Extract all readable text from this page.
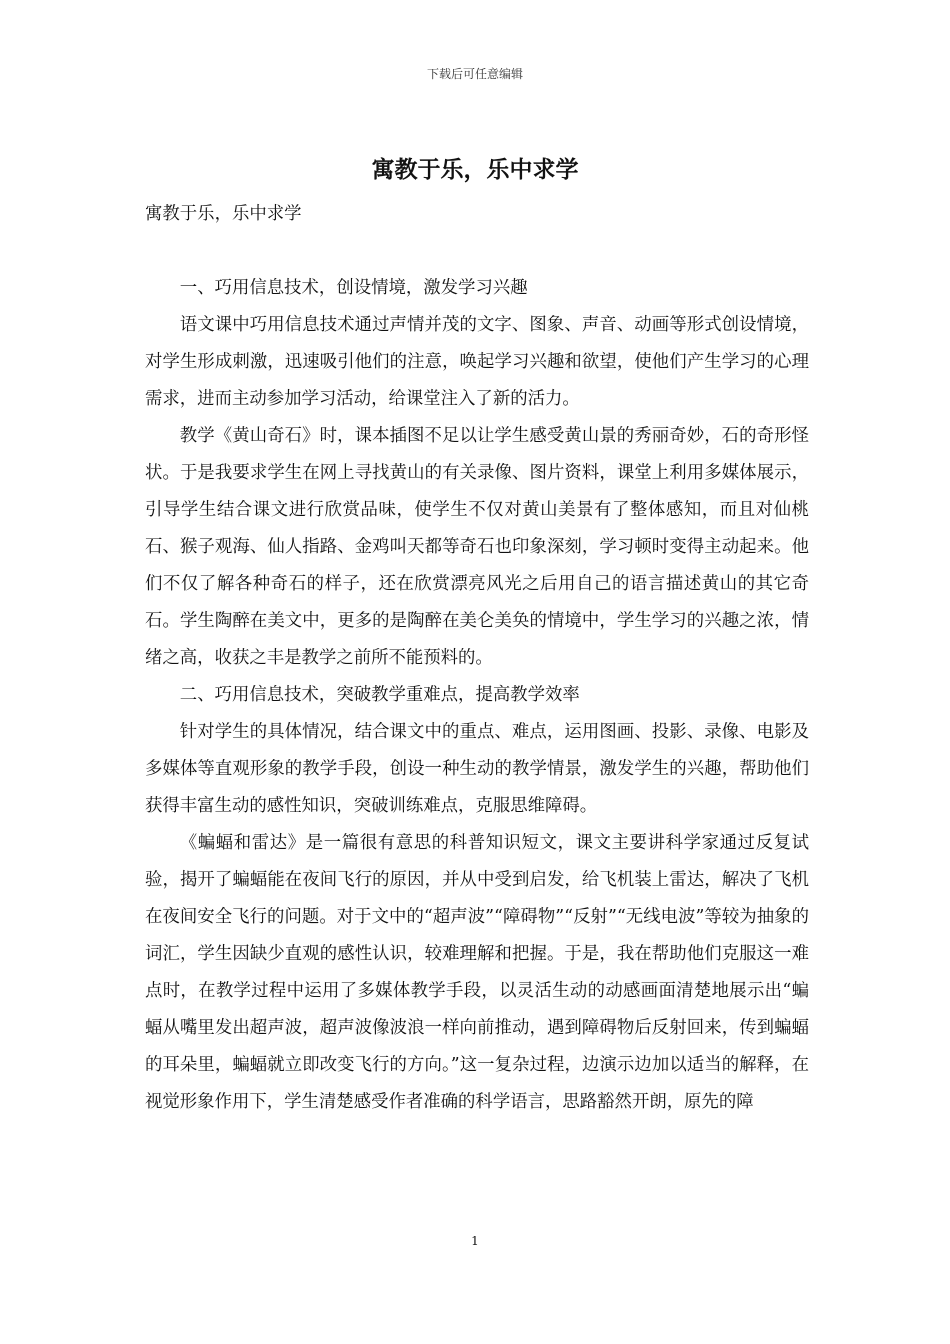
下载后可任意编辑
寓教于乐，乐中求学

寓教于乐，乐中求学

一、巧用信息技术，创设情境，激发学习兴趣

语文课中巧用信息技术通过声情并茂的文字、图象、声音、动画等形式创设情境，对学生形成刺激，迅速吸引他们的注意，唤起学习兴趣和欲望，使他们产生学习的心理需求，进而主动参加学习活动，给课堂注入了新的活力。

教学《黄山奇石》时，课本插图不足以让学生感受黄山景的秀丽奇妙，石的奇形怪状。于是我要求学生在网上寻找黄山的有关录像、图片资料，课堂上利用多媒体展示，引导学生结合课文进行欣赏品味，使学生不仅对黄山美景有了整体感知，而且对仙桃石、猴子观海、仙人指路、金鸡叫天都等奇石也印象深刻，学习顿时变得主动起来。他们不仅了解各种奇石的样子，还在欣赏漂亮风光之后用自己的语言描述黄山的其它奇石。学生陶醉在美文中，更多的是陶醉在美仑美奂的情境中，学生学习的兴趣之浓，情绪之高，收获之丰是教学之前所不能预料的。

二、巧用信息技术，突破教学重难点，提高教学效率

针对学生的具体情况，结合课文中的重点、难点，运用图画、投影、录像、电影及多媒体等直观形象的教学手段，创设一种生动的教学情景，激发学生的兴趣，帮助他们获得丰富生动的感性知识，突破训练难点，克服思维障碍。

《蝙蝠和雷达》是一篇很有意思的科普知识短文，课文主要讲科学家通过反复试验，揭开了蝙蝠能在夜间飞行的原因，并从中受到启发，给飞机装上雷达，解决了飞机在夜间安全飞行的问题。对于文中的“超声波”“障碍物”“反射”“无线电波”等较为抽象的词汇，学生因缺少直观的感性认识，较难理解和把握。于是，我在帮助他们克服这一难点时，在教学过程中运用了多媒体教学手段，以灵活生动的动感画面清楚地展示出“蝙蝠从嘴里发出超声波，超声波像波浪一样向前推动，遇到障碍物后反射回来，传到蝙蝠的耳朵里，蝙蝠就立即改变飞行的方向。”这一复杂过程，边演示边加以适当的解释，在视觉形象作用下，学生清楚感受作者准确的科学语言，思路豁然开朗，原先的障

1
